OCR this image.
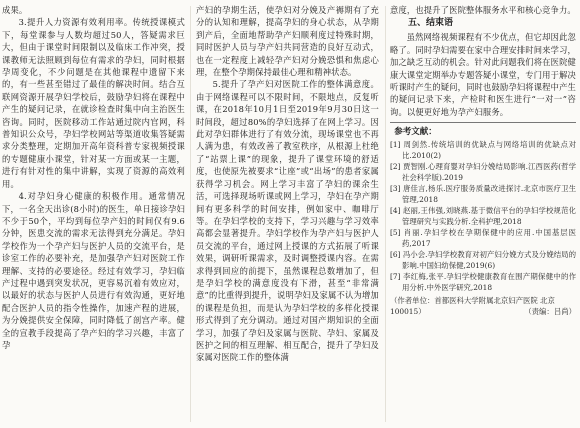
成果。

3.提升人力资源有效利用率。传统授课模式下，每堂课参与人数均超过50人，答疑需求巨大，但由于课堂时间限制以及临床工作冲突，授课教师无法照顾到每位有需求的孕妇，同时根据孕周变化，不少问题是在其他课程中遗留下来的，有一些甚至错过了最佳的解决时间。结合互联网资源开展孕妇学校后，鼓励孕妇将在课程中产生的疑问记录，在就诊检查时集中向主治医生咨询。同时，医院移动工作站通过院内官网，科普知识公众号，孕妇学校网站等渠道收集答疑需求分类整理，定期加开高年资科普专家视频授课的专题健康小课堂，针对某一方面或某一主题，进行有针对性的集中讲解，实现了资源的高效利用。

4.对孕妇身心健康的积极作用。通常情况下，一名全天出诊(8小时)的医生，单日接诊孕妇不少于50个，平均到每位孕产妇的时间仅有9.6分钟，医患交流的需求无法得到充分满足。孕妇学校作为一个孕产妇与医护人员的交流平台，是诊室工作的必要补充，是加强孕产妇对医院工作理解、支持的必要途径。经过有效学习，孕妇临产过程中遇到突发状况，更容易沉着有效应对，以最好的状态与医护人员进行有效沟通，更好地配合医护人员的指令性操作，加速产程的进展，为分娩提供安全保障，同时降低了剖宫产率。健全的宣教手段提高了孕产妇的学习兴趣，丰富了孕

产妇的孕期生活，使孕妇对分娩及产褥期有了充分的认知和理解，提高孕妇的身心状态，从孕期到产后，全面地帮助孕产妇顺利度过特殊时期，同时医护人员与孕产妇共同营造的良好互动式，也在一定程度上减轻孕产妇对分娩恐惧和焦虑心理，在整个孕期保持最佳心理和精神状态。

5.提升了孕产妇对医院工作的整体满意度。由于网络课程可以不限时间，不限地点，反复听课，在2018年10月1日至2019年9月30日这一时间段，超过80%的孕妇选择了在网上学习。因此对孕妇群体进行了有效分流，现场课堂也不再人满为患，有效改善了教室秩序，从根源上杜绝了“站票上课”的现象，提升了课堂环境的舒适度，也使原先被要求“让座”或“出场”的患者家属获得学习机会。网上学习丰富了孕妇的课余生活，可选择现场听课或网上学习，孕妇在孕产期间有更多科学的时间安排，例如家中、咖啡厅等。在孕妇学校的支持下，学习兴趣与学习效率高都会显著提升。孕妇学校作为孕产妇与医护人员交流的平台，通过网上授课的方式拓展了听课效果，调研听课需求，及时调整授课内容。在需求得到回应的前提下，虽然课程总数增加了，但是孕妇学校的满意度没有下滑，甚至“非常满意”的比重得到提升，说明孕妇及家属不认为增加的课程是负担，而是认为孕妇学校的多样化授课形式得到了充分调动。通过对国产期知识的全面学习，加强了孕妇及家属与医院、孕妇、家属及医护之间的相互理解、相互配合，提升了孕妇及家属对医院工作的整体满

意度，也提升了医院整体服务水平和核心竞争力。

五、结束语

虽然网络视频课程有不少优点，但它却因此忽略了。同时孕妇需要在家中合理安排时间来学习，加之缺乏互动的机会。针对此问题我们将在医院健康大课堂定期举办专题答疑小课堂，专门用于解决听课时产生的疑问，同时也鼓励孕妇将课程中产生的疑问记录下来，产检时和医生进行“一对一”咨询。以便更好地为孕产妇服务。

参考文献：

[1] 周剑然.传统培训的优缺点与网络培训的优缺点对比.2010(2)

[2] 贾智刚.心理育婴对孕妇分娩结局影响.江西医药(哲学社会科学版).2019

[3] 唐佳言,杨乐.医疗服务质量改进探讨.北京市医疗卫生管理,2018

[4] 赵丽,王伟强,刘晓燕.基于微信平台的孕妇学校规范化管理研究与实践分析.全科护理,2018

[5] 肖丽.孕妇学校在孕期保健中的应用.中国基层医药,2017

[6] 冯小会.孕妇学校教育对初产妇分娩方式及分娩结局的影响.中国妇幼保健,2019(6)

[7] 李红梅,张平.孕妇学校健康教育在围产期保健中的作用分析.中外医学研究,2018

（作者单位：首都医科大学附属北京妇产医院 北京 100015）	（责编：吕尚）
